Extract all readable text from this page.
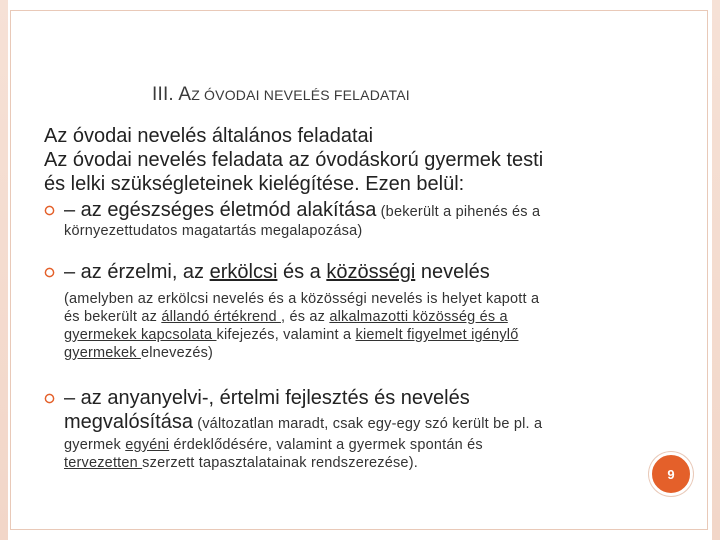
III. AZ ÓVODAI NEVELÉS FELADATAI
Az óvodai nevelés általános feladatai
Az óvodai nevelés feladata az óvodáskorú gyermek testi
és lelki szükségleteinek kielégítése. Ezen belül:
– az egészséges életmód alakítása (bekerült a pihenés és a
környezettudatos magatartás megalapozása)
– az érzelmi, az erkölcsi és a közösségi nevelés
(amelyben az erkölcsi nevelés és a közösségi nevelés is helyet kapott a
és bekerült az állandó értékrend , és az alkalmazotti közösség és a
gyermekek kapcsolata kifejezés, valamint a kiemelt figyelmet igénylő
gyermekek elnevezés)
– az anyanyelvi-, értelmi fejlesztés és nevelés
megvalósítása (változatlan maradt, csak egy-egy szó került be pl. a
gyermek egyéni érdeklődésére, valamint a gyermek spontán és
tervezetten szerzett tapasztalatainak rendszerezése).
9
